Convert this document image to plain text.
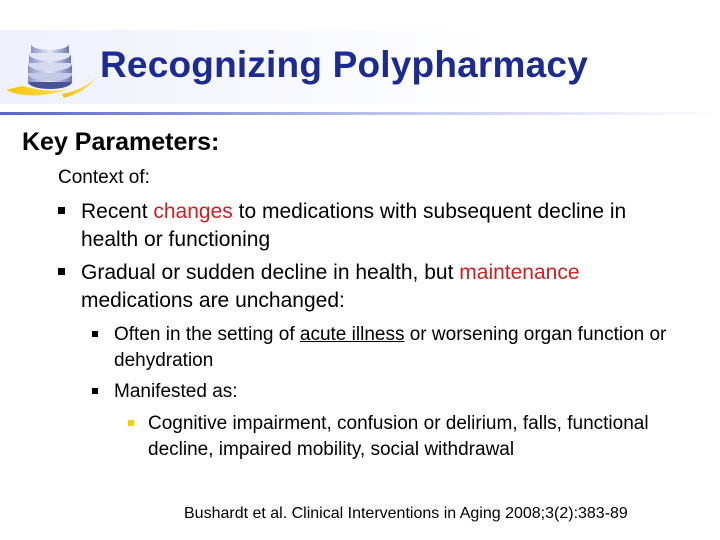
Recognizing Polypharmacy
Key Parameters:
Context of:
Recent changes to medications with subsequent decline in health or functioning
Gradual or sudden decline in health, but maintenance medications are unchanged:
Often in the setting of acute illness or worsening organ function or dehydration
Manifested as:
Cognitive impairment, confusion or delirium, falls, functional decline, impaired mobility, social withdrawal
Bushardt et al. Clinical Interventions in Aging 2008;3(2):383-89
